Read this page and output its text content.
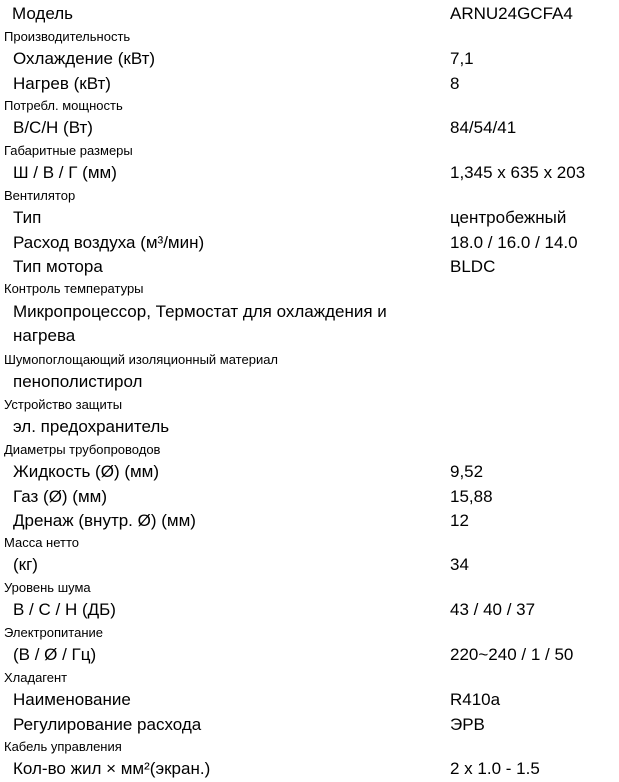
Модель	ARNU24GCFA4
Производительность
Охлаждение (кВт)	7,1
Нагрев (кВт)	8
Потребл. мощность
В/С/Н (Вт)	84/54/41
Габаритные размеры
Ш / В / Г (мм)	1,345 x 635 x 203
Вентилятор
Тип	центробежный
Расход воздуха (м³/мин)	18.0 / 16.0 / 14.0
Тип мотора	BLDC
Контроль температуры
Микропроцессор, Термостат для охлаждения и нагрева
Шумопоглощающий изоляционный материал
пенополистирол
Устройство защиты
эл. предохранитель
Диаметры трубопроводов
Жидкость (Ø) (мм)	9,52
Газ (Ø) (мм)	15,88
Дренаж (внутр. Ø) (мм)	12
Масса нетто
(кг)	34
Уровень шума
В / С / Н (ДБ)	43 / 40 / 37
Электропитание
(В / Ø / Гц)	220~240 / 1 / 50
Хладагент
Наименование	R410a
Регулирование расхода	ЭРВ
Кабель управления
Кол-во жил × мм²(экран.)	2 x 1.0 - 1.5
